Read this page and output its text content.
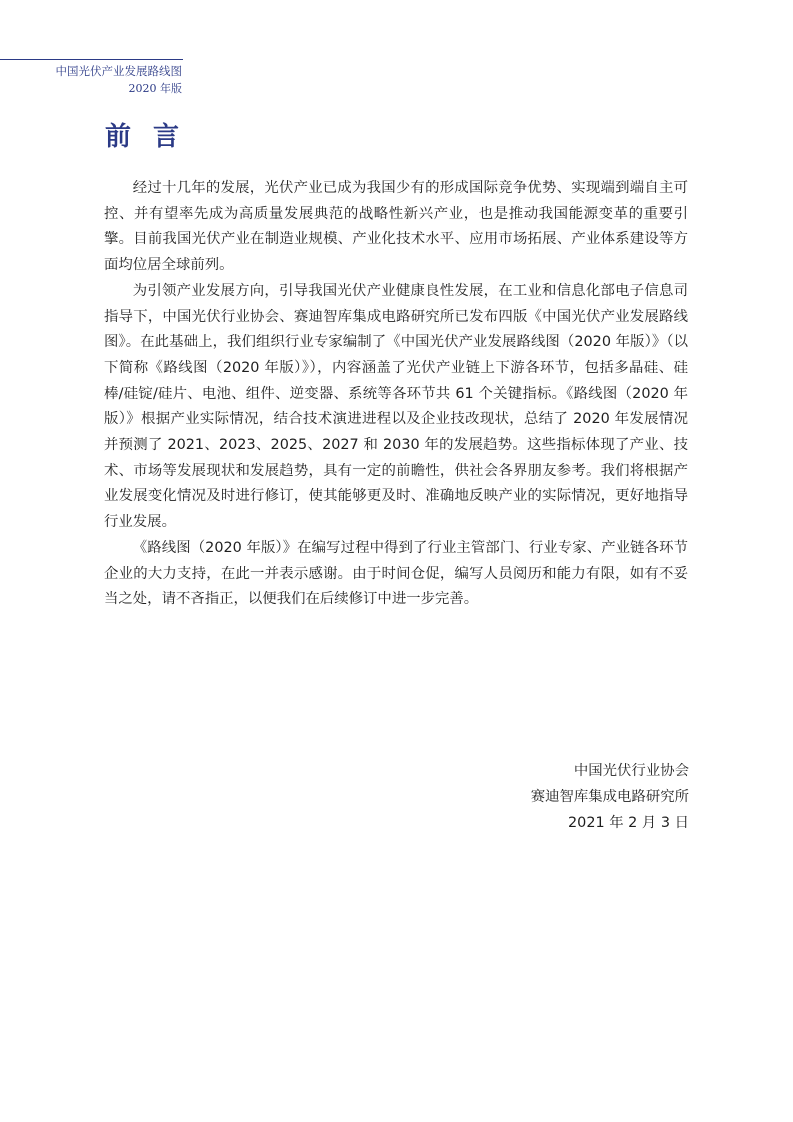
中国光伏产业发展路线图
2020 年版
前言

经过十几年的发展，光伏产业已成为我国少有的形成国际竞争优势、实现端到端自主可控、并有望率先成为高质量发展典范的战略性新兴产业，也是推动我国能源变革的重要引擎。目前我国光伏产业在制造业规模、产业化技术水平、应用市场拓展、产业体系建设等方面均位居全球前列。

为引领产业发展方向，引导我国光伏产业健康良性发展，在工业和信息化部电子信息司指导下，中国光伏行业协会、赛迪智库集成电路研究所已发布四版《中国光伏产业发展路线图》。在此基础上，我们组织行业专家编制了《中国光伏产业发展路线图（2020 年版）》（以下简称《路线图（2020 年版）》），内容涵盖了光伏产业链上下游各环节，包括多晶硅、硅棒/硅锭/硅片、电池、组件、逆变器、系统等各环节共 61 个关键指标。《路线图（2020 年版）》根据产业实际情况，结合技术演进进程以及企业技改现状，总结了 2020 年发展情况并预测了 2021、2023、2025、2027 和 2030 年的发展趋势。这些指标体现了产业、技术、市场等发展现状和发展趋势，具有一定的前瞻性，供社会各界朋友参考。我们将根据产业发展变化情况及时进行修订，使其能够更及时、准确地反映产业的实际情况，更好地指导行业发展。

《路线图（2020 年版）》在编写过程中得到了行业主管部门、行业专家、产业链各环节企业的大力支持，在此一并表示感谢。由于时间仓促，编写人员阅历和能力有限，如有不妥当之处，请不吝指正，以便我们在后续修订中进一步完善。

中国光伏行业协会
赛迪智库集成电路研究所
2021 年 2 月 3 日
